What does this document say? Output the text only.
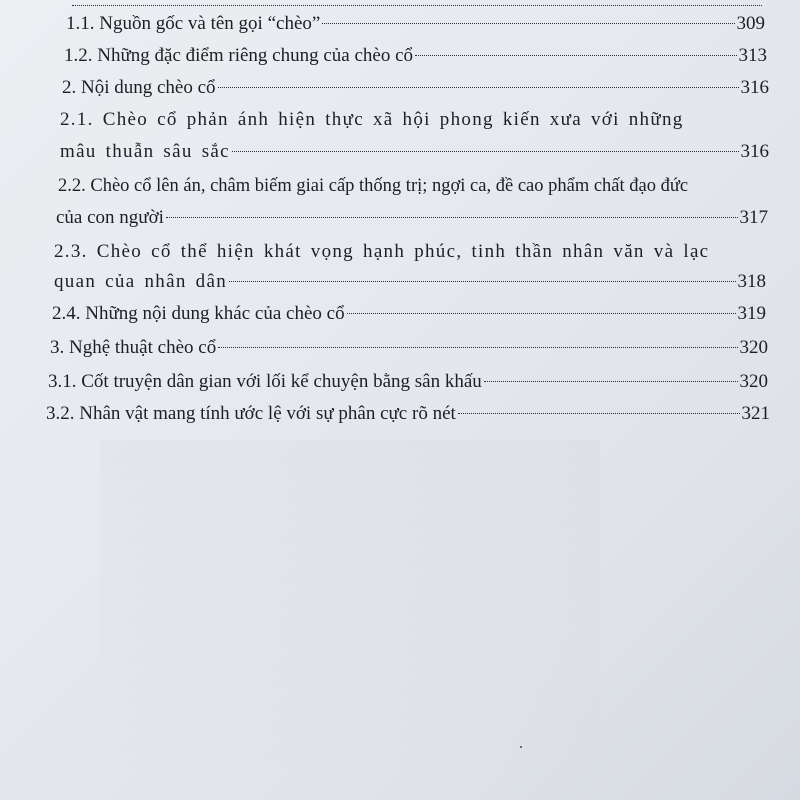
1.1. Nguồn gốc và tên gọi “chèo”	309
1.2. Những đặc điểm riêng chung của chèo cổ	313
2. Nội dung chèo cổ	316
2.1. Chèo cổ phản ánh hiện thực xã hội phong kiến xưa với những
mâu thuẫn sâu sắc	316
2.2. Chèo cổ lên án, châm biếm giai cấp thống trị; ngợi ca, đề cao phẩm chất đạo đức
của con người	317
2.3. Chèo cổ thể hiện khát vọng hạnh phúc, tinh thần nhân văn và lạc
quan của nhân dân	318
2.4. Những nội dung khác của chèo cổ	319
3. Nghệ thuật chèo cổ	320
3.1. Cốt truyện dân gian với lối kể chuyện bằng sân khấu	320
3.2. Nhân vật mang tính ước lệ với sự phân cực rõ nét	321
